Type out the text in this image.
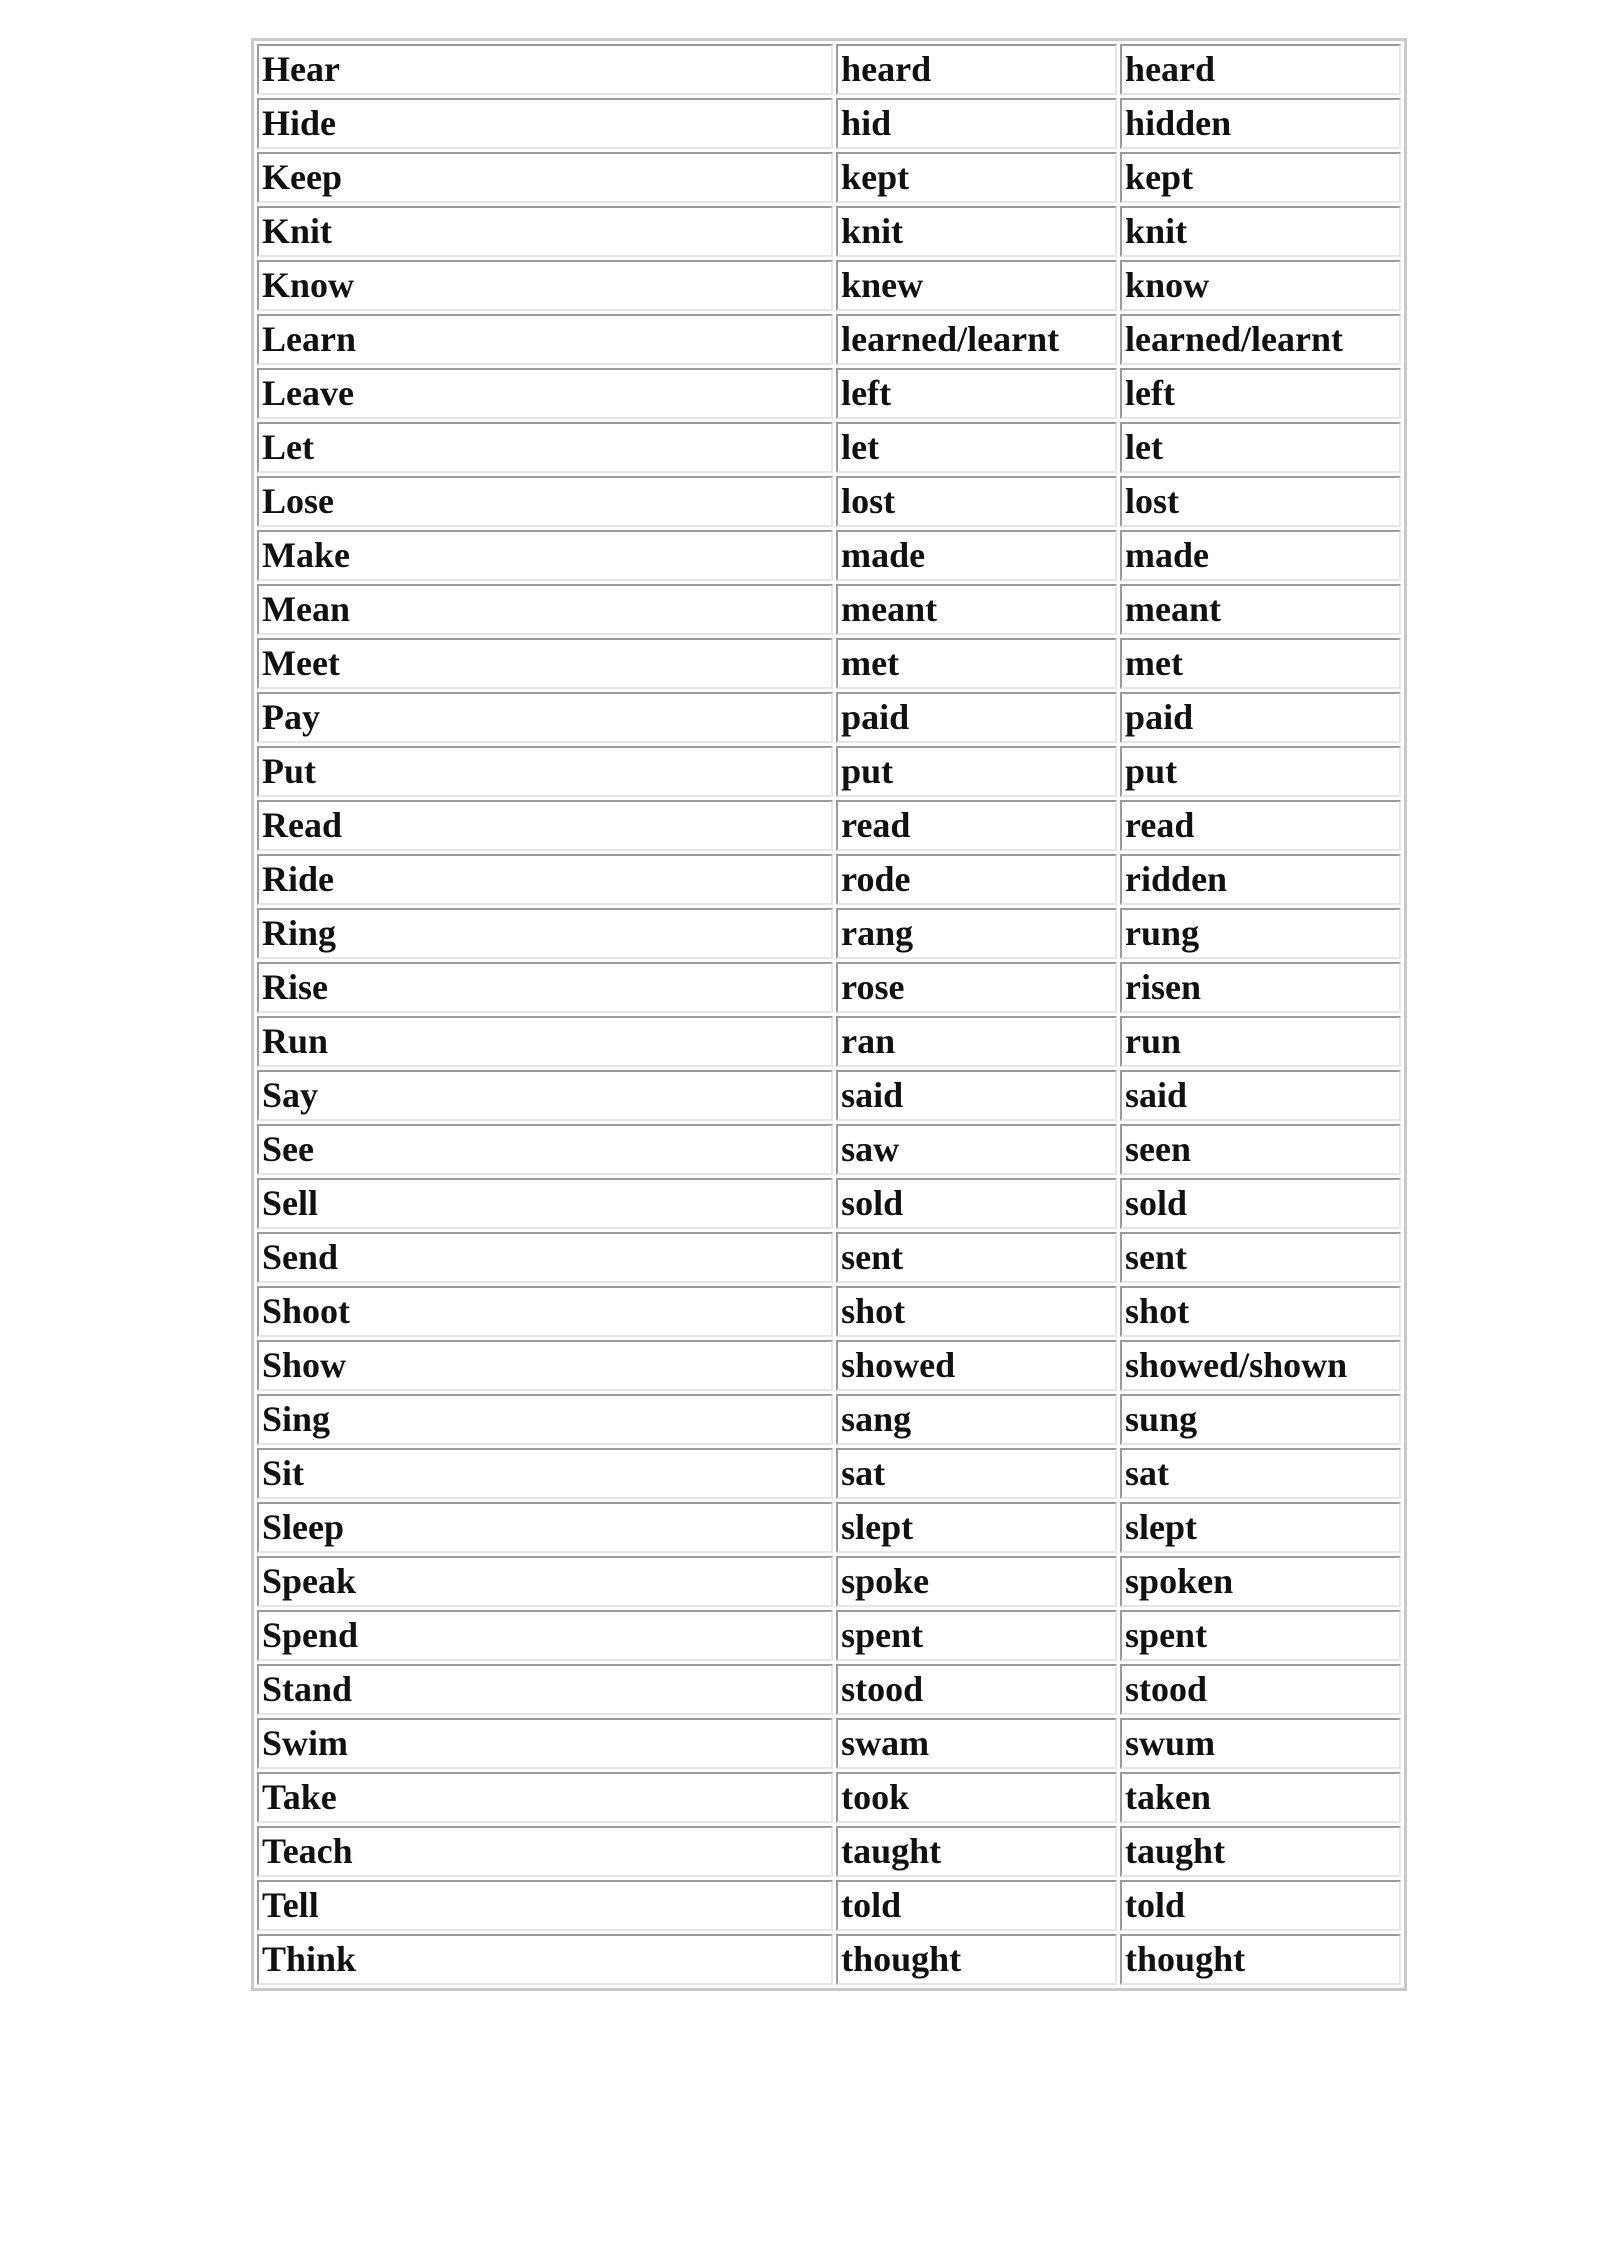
Hear	heard	heard
Hide	hid	hidden
Keep	kept	kept
Knit	knit	knit
Know	knew	know
Learn	learned/learnt	learned/learnt
Leave	left	left
Let	let	let
Lose	lost	lost
Make	made	made
Mean	meant	meant
Meet	met	met
Pay	paid	paid
Put	put	put
Read	read	read
Ride	rode	ridden
Ring	rang	rung
Rise	rose	risen
Run	ran	run
Say	said	said
See	saw	seen
Sell	sold	sold
Send	sent	sent
Shoot	shot	shot
Show	showed	showed/shown
Sing	sang	sung
Sit	sat	sat
Sleep	slept	slept
Speak	spoke	spoken
Spend	spent	spent
Stand	stood	stood
Swim	swam	swum
Take	took	taken
Teach	taught	taught
Tell	told	told
Think	thought	thought
